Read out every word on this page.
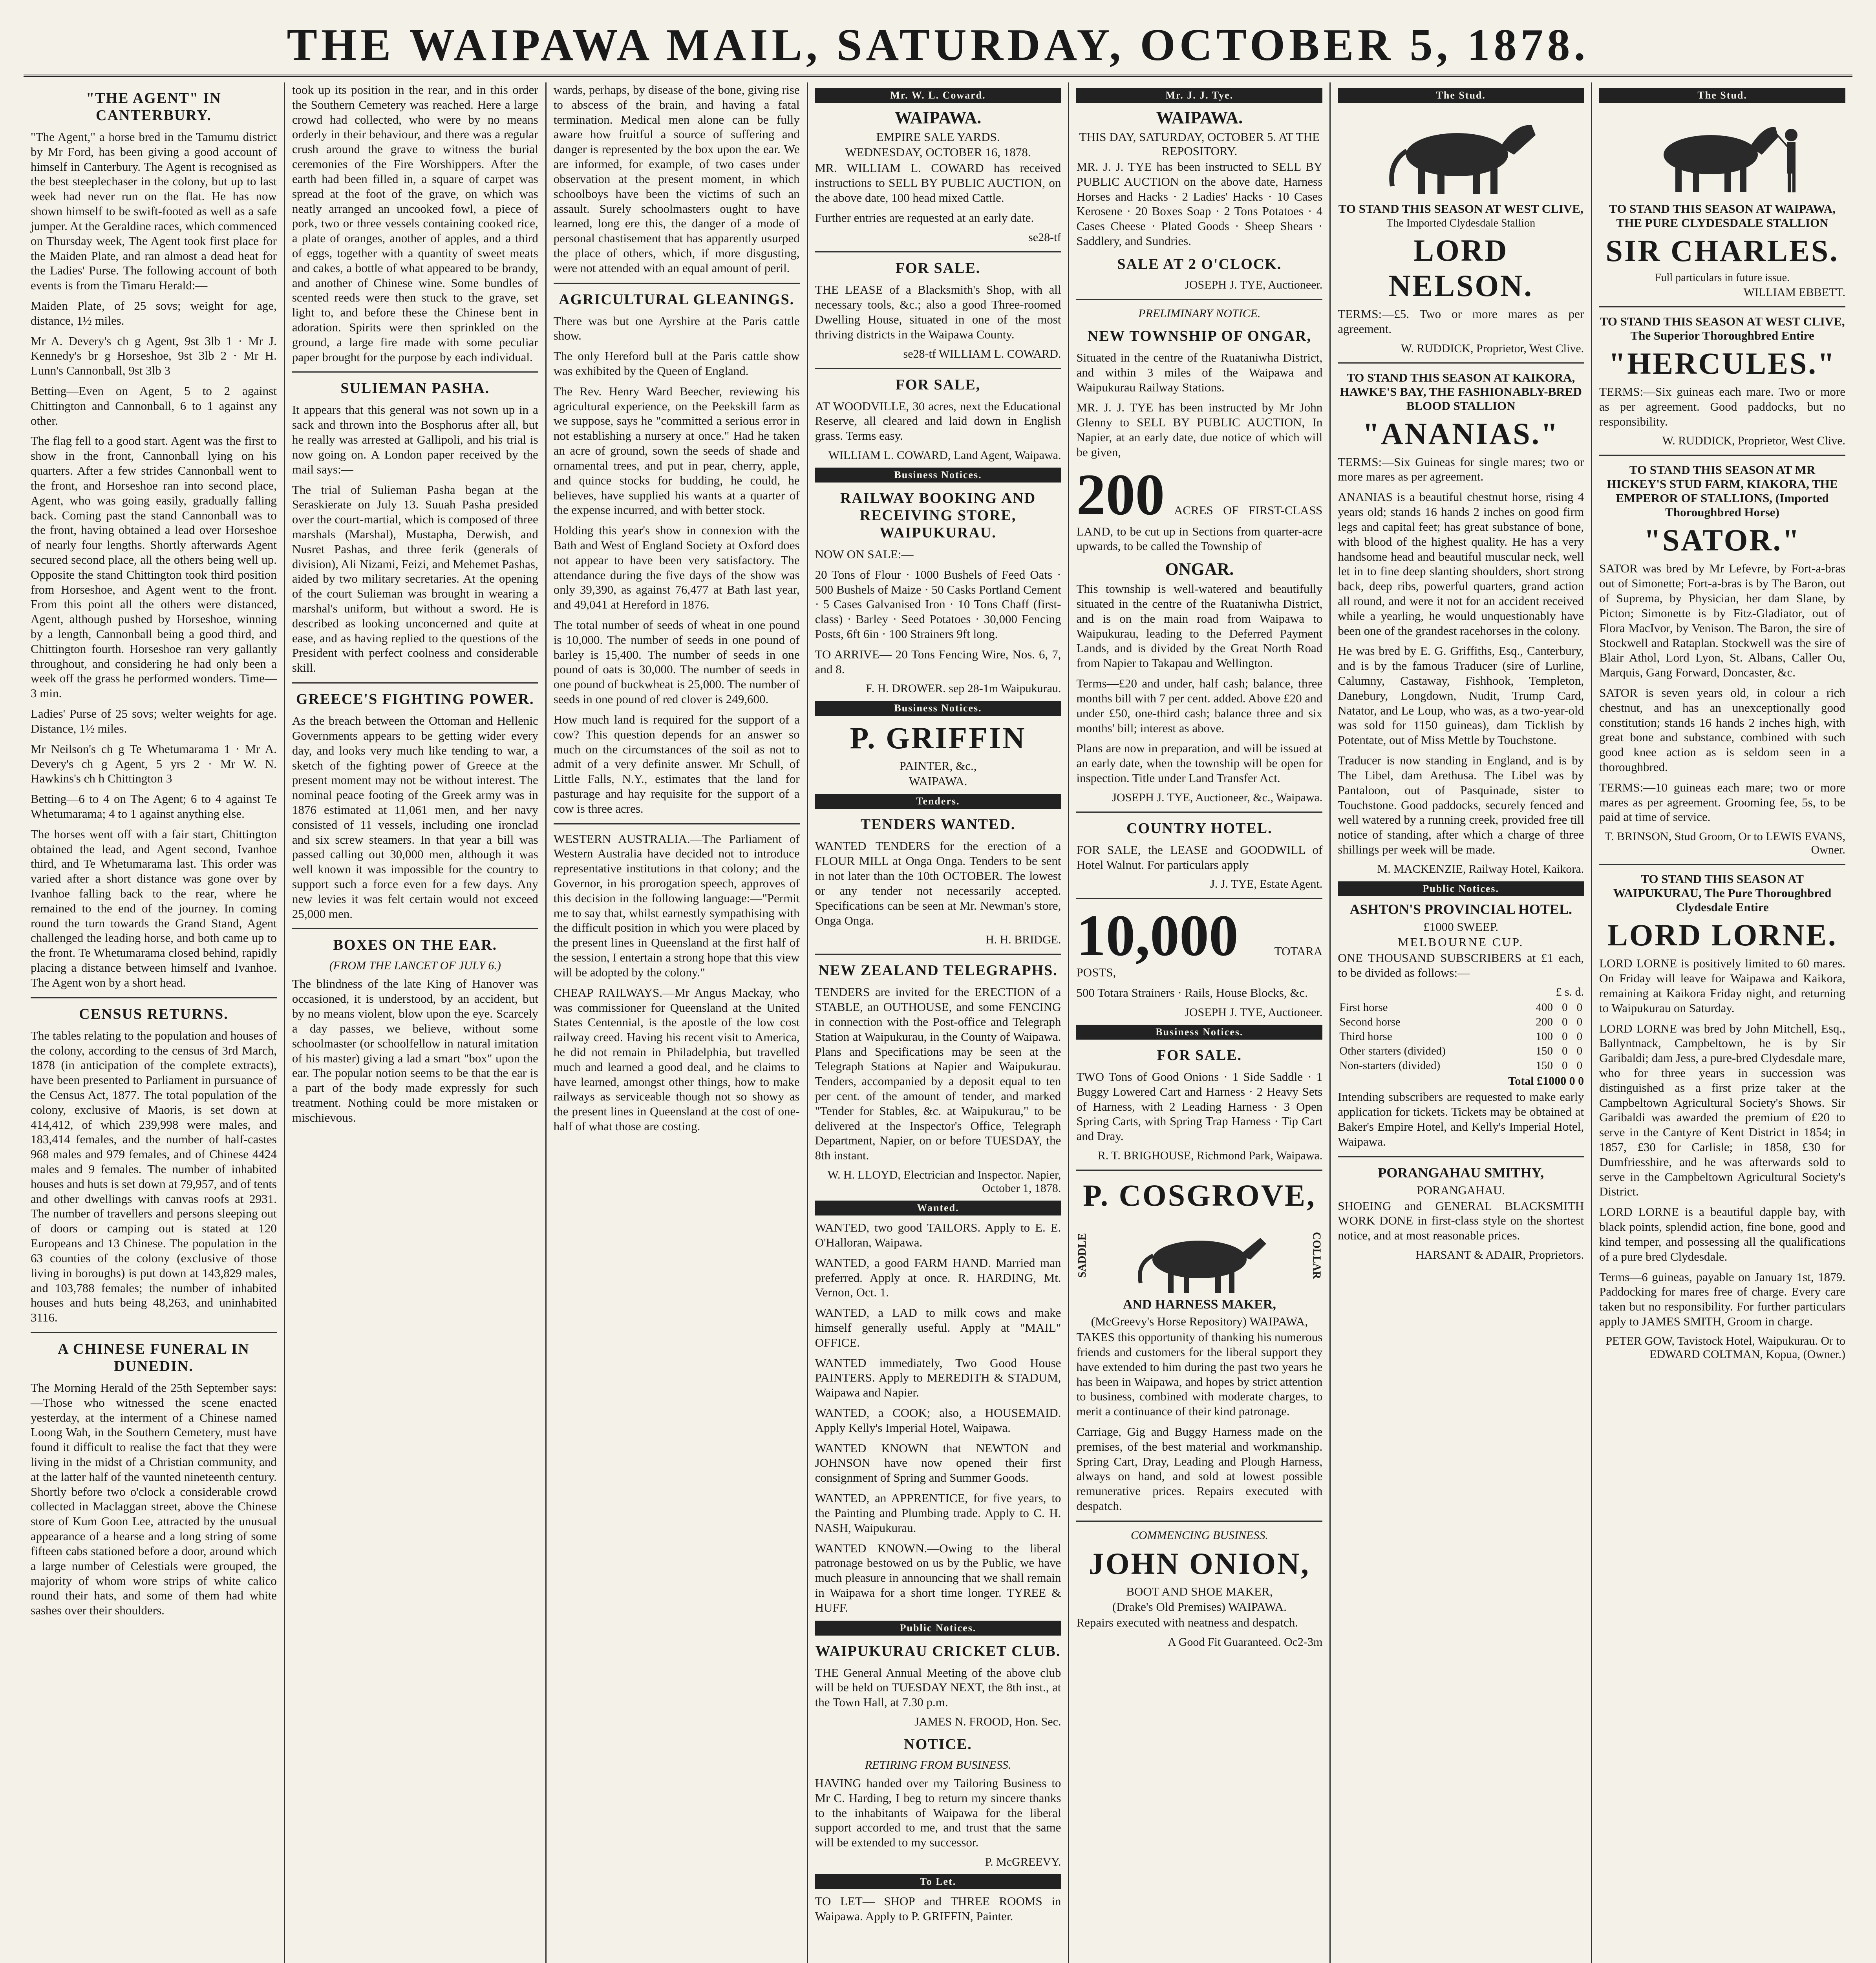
THE WAIPAWA MAIL, SATURDAY, OCTOBER 5, 1878.
"THE AGENT" IN CANTERBURY.

"The Agent," a horse bred in the Tamumu district by Mr Ford, has been giving a good account of himself in Canterbury. The Agent is recognised as the best steeplechaser in the colony, but up to last week had never run on the flat. He has now shown himself to be swift-footed as well as a safe jumper. At the Geraldine races, which commenced on Thursday week, The Agent took first place for the Maiden Plate, and ran almost a dead heat for the Ladies' Purse. The following account of both events is from the Timaru Herald:—

Maiden Plate, of 25 sovs; weight for age, distance, 1½ miles.

Mr A. Devery's ch g Agent, 9st 3lb 1 · Mr J. Kennedy's br g Horseshoe, 9st 3lb 2 · Mr H. Lunn's Cannonball, 9st 3lb 3

Betting—Even on Agent, 5 to 2 against Chittington and Cannonball, 6 to 1 against any other.

The flag fell to a good start. Agent was the first to show in the front, Cannonball lying on his quarters. After a few strides Cannonball went to the front, and Horseshoe ran into second place, Agent, who was going easily, gradually falling back. Coming past the stand Cannonball was to the front, having obtained a lead over Horseshoe of nearly four lengths. Shortly afterwards Agent secured second place, all the others being well up. Opposite the stand Chittington took third position from Horseshoe, and Agent went to the front. From this point all the others were distanced, Agent, although pushed by Horseshoe, winning by a length, Cannonball being a good third, and Chittington fourth. Horseshoe ran very gallantly throughout, and considering he had only been a week off the grass he performed wonders. Time—3 min.

Ladies' Purse of 25 sovs; welter weights for age. Distance, 1½ miles.

Mr Neilson's ch g Te Whetumarama 1 · Mr A. Devery's ch g Agent, 5 yrs 2 · Mr W. N. Hawkins's ch h Chittington 3

Betting—6 to 4 on The Agent; 6 to 4 against Te Whetumarama; 4 to 1 against anything else.

The horses went off with a fair start, Chittington obtained the lead, and Agent second, Ivanhoe third, and Te Whetumarama last. This order was varied after a short distance was gone over by Ivanhoe falling back to the rear, where he remained to the end of the journey. In coming round the turn towards the Grand Stand, Agent challenged the leading horse, and both came up to the front. Te Whetumarama closed behind, rapidly placing a distance between himself and Ivanhoe. The Agent won by a short head.

CENSUS RETURNS.

The tables relating to the population and houses of the colony, according to the census of 3rd March, 1878 (in anticipation of the complete extracts), have been presented to Parliament in pursuance of the Census Act, 1877. The total population of the colony, exclusive of Maoris, is set down at 414,412, of which 239,998 were males, and 183,414 females, and the number of half-castes 968 males and 979 females, and of Chinese 4424 males and 9 females. The number of inhabited houses and huts is set down at 79,957, and of tents and other dwellings with canvas roofs at 2931. The number of travellers and persons sleeping out of doors or camping out is stated at 120 Europeans and 13 Chinese. The population in the 63 counties of the colony (exclusive of those living in boroughs) is put down at 143,829 males, and 103,788 females; the number of inhabited houses and huts being 48,263, and uninhabited 3116.

A CHINESE FUNERAL IN DUNEDIN.

The Morning Herald of the 25th September says:—Those who witnessed the scene enacted yesterday, at the interment of a Chinese named Loong Wah, in the Southern Cemetery, must have found it difficult to realise the fact that they were living in the midst of a Christian community, and at the latter half of the vaunted nineteenth century. Shortly before two o'clock a considerable crowd collected in Maclaggan street, above the Chinese store of Kum Goon Lee, attracted by the unusual appearance of a hearse and a long string of some fifteen cabs stationed before a door, around which a large number of Celestials were grouped, the majority of whom wore strips of white calico round their hats, and some of them had white sashes over their shoulders.

took up its position in the rear, and in this order the Southern Cemetery was reached. Here a large crowd had collected, who were by no means orderly in their behaviour, and there was a regular crush around the grave to witness the burial ceremonies of the Fire Worshippers. After the earth had been filled in, a square of carpet was spread at the foot of the grave, on which was neatly arranged an uncooked fowl, a piece of pork, two or three vessels containing cooked rice, a plate of oranges, another of apples, and a third of eggs, together with a quantity of sweet meats and cakes, a bottle of what appeared to be brandy, and another of Chinese wine. Some bundles of scented reeds were then stuck to the grave, set light to, and before these the Chinese bent in adoration. Spirits were then sprinkled on the ground, a large fire made with some peculiar paper brought for the purpose by each individual.

SULIEMAN PASHA.

It appears that this general was not sown up in a sack and thrown into the Bosphorus after all, but he really was arrested at Gallipoli, and his trial is now going on. A London paper received by the mail says:—

The trial of Sulieman Pasha began at the Seraskierate on July 13. Suuah Pasha presided over the court-martial, which is composed of three marshals (Marshal), Mustapha, Derwish, and Nusret Pashas, and three ferik (generals of division), Ali Nizami, Feizi, and Mehemet Pashas, aided by two military secretaries. At the opening of the court Sulieman was brought in wearing a marshal's uniform, but without a sword. He is described as looking unconcerned and quite at ease, and as having replied to the questions of the President with perfect coolness and considerable skill.

GREECE'S FIGHTING POWER.

As the breach between the Ottoman and Hellenic Governments appears to be getting wider every day, and looks very much like tending to war, a sketch of the fighting power of Greece at the present moment may not be without interest. The nominal peace footing of the Greek army was in 1876 estimated at 11,061 men, and her navy consisted of 11 vessels, including one ironclad and six screw steamers. In that year a bill was passed calling out 30,000 men, although it was well known it was impossible for the country to support such a force even for a few days. Any new levies it was felt certain would not exceed 25,000 men.

BOXES ON THE EAR.
(FROM THE LANCET OF JULY 6.)

The blindness of the late King of Hanover was occasioned, it is understood, by an accident, but by no means violent, blow upon the eye. Scarcely a day passes, we believe, without some schoolmaster (or schoolfellow in natural imitation of his master) giving a lad a smart "box" upon the ear. The popular notion seems to be that the ear is a part of the body made expressly for such treatment. Nothing could be more mistaken or mischievous.

wards, perhaps, by disease of the bone, giving rise to abscess of the brain, and having a fatal termination. Medical men alone can be fully aware how fruitful a source of suffering and danger is represented by the box upon the ear. We are informed, for example, of two cases under observation at the present moment, in which schoolboys have been the victims of such an assault. Surely schoolmasters ought to have learned, long ere this, the danger of a mode of personal chastisement that has apparently usurped the place of others, which, if more disgusting, were not attended with an equal amount of peril.

AGRICULTURAL GLEANINGS.

There was but one Ayrshire at the Paris cattle show.

The only Hereford bull at the Paris cattle show was exhibited by the Queen of England.

The Rev. Henry Ward Beecher, reviewing his agricultural experience, on the Peekskill farm as we suppose, says he "committed a serious error in not establishing a nursery at once." Had he taken an acre of ground, sown the seeds of shade and ornamental trees, and put in pear, cherry, apple, and quince stocks for budding, he could, he believes, have supplied his wants at a quarter of the expense incurred, and with better stock.

Holding this year's show in connexion with the Bath and West of England Society at Oxford does not appear to have been very satisfactory. The attendance during the five days of the show was only 39,390, as against 76,477 at Bath last year, and 49,041 at Hereford in 1876.

The total number of seeds of wheat in one pound is 10,000. The number of seeds in one pound of barley is 15,400. The number of seeds in one pound of oats is 30,000. The number of seeds in one pound of buckwheat is 25,000. The number of seeds in one pound of red clover is 249,600.

How much land is required for the support of a cow? This question depends for an answer so much on the circumstances of the soil as not to admit of a very definite answer. Mr Schull, of Little Falls, N.Y., estimates that the land for pasturage and hay requisite for the support of a cow is three acres.

WESTERN AUSTRALIA.—The Parliament of Western Australia have decided not to introduce representative institutions in that colony; and the Governor, in his prorogation speech, approves of this decision in the following language:—"Permit me to say that, whilst earnestly sympathising with the difficult position in which you were placed by the present lines in Queensland at the first half of the session, I entertain a strong hope that this view will be adopted by the colony."

CHEAP RAILWAYS.—Mr Angus Mackay, who was commissioner for Queensland at the United States Centennial, is the apostle of the low cost railway creed. Having his recent visit to America, he did not remain in Philadelphia, but travelled much and learned a good deal, and he claims to have learned, amongst other things, how to make railways as serviceable though not so showy as the present lines in Queensland at the cost of one-half of what those are costing.

Mr. W. L. Coward.
WAIPAWA.
EMPIRE SALE YARDS.
WEDNESDAY, OCTOBER 16, 1878.

MR. WILLIAM L. COWARD has received instructions to SELL BY PUBLIC AUCTION, on the above date, 100 head mixed Cattle.

Further entries are requested at an early date.

se28-tf
FOR SALE.

THE LEASE of a Blacksmith's Shop, with all necessary tools, &c.; also a good Three-roomed Dwelling House, situated in one of the most thriving districts in the Waipawa County.

se28-tf WILLIAM L. COWARD.
FOR SALE,

AT WOODVILLE, 30 acres, next the Educational Reserve, all cleared and laid down in English grass. Terms easy.

WILLIAM L. COWARD, Land Agent, Waipawa.
Business Notices.
RAILWAY BOOKING AND RECEIVING STORE, WAIPUKURAU.

NOW ON SALE:—

20 Tons of Flour · 1000 Bushels of Feed Oats · 500 Bushels of Maize · 50 Casks Portland Cement · 5 Cases Galvanised Iron · 10 Tons Chaff (first-class) · Barley · Seed Potatoes · 30,000 Fencing Posts, 6ft 6in · 100 Strainers 9ft long.

TO ARRIVE— 20 Tons Fencing Wire, Nos. 6, 7, and 8.

F. H. DROWER. sep 28-1m Waipukurau.
Business Notices.
P. GRIFFIN
PAINTER, &c.,
WAIPAWA.
Tenders.
TENDERS WANTED.

WANTED TENDERS for the erection of a FLOUR MILL at Onga Onga. Tenders to be sent in not later than the 10th OCTOBER. The lowest or any tender not necessarily accepted. Specifications can be seen at Mr. Newman's store, Onga Onga.

H. H. BRIDGE.
NEW ZEALAND TELEGRAPHS.

TENDERS are invited for the ERECTION of a STABLE, an OUTHOUSE, and some FENCING in connection with the Post-office and Telegraph Station at Waipukurau, in the County of Waipawa. Plans and Specifications may be seen at the Telegraph Stations at Napier and Waipukurau. Tenders, accompanied by a deposit equal to ten per cent. of the amount of tender, and marked "Tender for Stables, &c. at Waipukurau," to be delivered at the Inspector's Office, Telegraph Department, Napier, on or before TUESDAY, the 8th instant.

W. H. LLOYD, Electrician and Inspector. Napier, October 1, 1878.
Wanted.

WANTED, two good TAILORS. Apply to E. E. O'Halloran, Waipawa.

WANTED, a good FARM HAND. Married man preferred. Apply at once. R. HARDING, Mt. Vernon, Oct. 1.

WANTED, a LAD to milk cows and make himself generally useful. Apply at "MAIL" OFFICE.

WANTED immediately, Two Good House PAINTERS. Apply to MEREDITH & STADUM, Waipawa and Napier.

WANTED, a COOK; also, a HOUSEMAID. Apply Kelly's Imperial Hotel, Waipawa.

WANTED KNOWN that NEWTON and JOHNSON have now opened their first consignment of Spring and Summer Goods.

WANTED, an APPRENTICE, for five years, to the Painting and Plumbing trade. Apply to C. H. NASH, Waipukurau.

WANTED KNOWN.—Owing to the liberal patronage bestowed on us by the Public, we have much pleasure in announcing that we shall remain in Waipawa for a short time longer. TYREE & HUFF.

Public Notices.
WAIPUKURAU CRICKET CLUB.

THE General Annual Meeting of the above club will be held on TUESDAY NEXT, the 8th inst., at the Town Hall, at 7.30 p.m.

JAMES N. FROOD, Hon. Sec.
NOTICE.
RETIRING FROM BUSINESS.

HAVING handed over my Tailoring Business to Mr C. Harding, I beg to return my sincere thanks to the inhabitants of Waipawa for the liberal support accorded to me, and trust that the same will be extended to my successor.

P. McGREEVY.
To Let.

TO LET— SHOP and THREE ROOMS in Waipawa. Apply to P. GRIFFIN, Painter.

Mr. J. J. Tye.
WAIPAWA.
THIS DAY, SATURDAY, OCTOBER 5. AT THE REPOSITORY.

MR. J. J. TYE has been instructed to SELL BY PUBLIC AUCTION on the above date, Harness Horses and Hacks · 2 Ladies' Hacks · 10 Cases Kerosene · 20 Boxes Soap · 2 Tons Potatoes · 4 Cases Cheese · Plated Goods · Sheep Shears · Saddlery, and Sundries.

SALE AT 2 O'CLOCK.
JOSEPH J. TYE, Auctioneer.
PRELIMINARY NOTICE.
NEW TOWNSHIP OF ONGAR,

Situated in the centre of the Ruataniwha District, and within 3 miles of the Waipawa and Waipukurau Railway Stations.

MR. J. J. TYE has been instructed by Mr John Glenny to SELL BY PUBLIC AUCTION, In Napier, at an early date, due notice of which will be given,

200 ACRES OF FIRST-CLASS LAND, to be cut up in Sections from quarter-acre upwards, to be called the Township of

ONGAR.

This township is well-watered and beautifully situated in the centre of the Ruataniwha District, and is on the main road from Waipawa to Waipukurau, leading to the Deferred Payment Lands, and is divided by the Great North Road from Napier to Takapau and Wellington.

Terms—£20 and under, half cash; balance, three months bill with 7 per cent. added. Above £20 and under £50, one-third cash; balance three and six months' bill; interest as above.

Plans are now in preparation, and will be issued at an early date, when the township will be open for inspection. Title under Land Transfer Act.

JOSEPH J. TYE, Auctioneer, &c., Waipawa.
COUNTRY HOTEL.

FOR SALE, the LEASE and GOODWILL of Hotel Walnut. For particulars apply

J. J. TYE, Estate Agent.

10,000	TOTARA POSTS,

500 Totara Strainers · Rails, House Blocks, &c.

JOSEPH J. TYE, Auctioneer.
Business Notices.
FOR SALE.

TWO Tons of Good Onions · 1 Side Saddle · 1 Buggy Lowered Cart and Harness · 2 Heavy Sets of Harness, with 2 Leading Harness · 3 Open Spring Carts, with Spring Trap Harness · Tip Cart and Dray.

R. T. BRIGHOUSE, Richmond Park, Waipawa.
P. COSGROVE,
SADDLE	COLLAR
AND HARNESS MAKER,
(McGreevy's Horse Repository) WAIPAWA,

TAKES this opportunity of thanking his numerous friends and customers for the liberal support they have extended to him during the past two years he has been in Waipawa, and hopes by strict attention to business, combined with moderate charges, to merit a continuance of their kind patronage.

Carriage, Gig and Buggy Harness made on the premises, of the best material and workmanship. Spring Cart, Dray, Leading and Plough Harness, always on hand, and sold at lowest possible remunerative prices. Repairs executed with despatch.

COMMENCING BUSINESS.
JOHN ONION,
BOOT AND SHOE MAKER,
(Drake's Old Premises) WAIPAWA.

Repairs executed with neatness and despatch.

A Good Fit Guaranteed. Oc2-3m
The Stud.
TO STAND THIS SEASON AT WEST CLIVE,
The Imported Clydesdale Stallion
LORD NELSON.

TERMS:—£5. Two or more mares as per agreement.

W. RUDDICK, Proprietor, West Clive.
TO STAND THIS SEASON AT KAIKORA, HAWKE'S BAY, THE FASHIONABLY-BRED BLOOD STALLION
"ANANIAS."

TERMS:—Six Guineas for single mares; two or more mares as per agreement.

ANANIAS is a beautiful chestnut horse, rising 4 years old; stands 16 hands 2 inches on good firm legs and capital feet; has great substance of bone, with blood of the highest quality. He has a very handsome head and beautiful muscular neck, well let in to fine deep slanting shoulders, short strong back, deep ribs, powerful quarters, grand action all round, and were it not for an accident received while a yearling, he would unquestionably have been one of the grandest racehorses in the colony.

He was bred by E. G. Griffiths, Esq., Canterbury, and is by the famous Traducer (sire of Lurline, Calumny, Castaway, Fishhook, Templeton, Danebury, Longdown, Nudit, Trump Card, Natator, and Le Loup, who was, as a two-year-old was sold for 1150 guineas), dam Ticklish by Potentate, out of Miss Mettle by Touchstone.

Traducer is now standing in England, and is by The Libel, dam Arethusa. The Libel was by Pantaloon, out of Pasquinade, sister to Touchstone. Good paddocks, securely fenced and well watered by a running creek, provided free till notice of standing, after which a charge of three shillings per week will be made.

M. MACKENZIE, Railway Hotel, Kaikora.
Public Notices.
ASHTON'S PROVINCIAL HOTEL.
£1000 SWEEP.
MELBOURNE CUP.

ONE THOUSAND SUBSCRIBERS at £1 each, to be divided as follows:—

£ s. d.
First horse	400	0	0
Second horse	200	0	0
Third horse	100	0	0
Other starters (divided)	150	0	0
Non-starters (divided)	150	0	0
Total £1000 0 0

Intending subscribers are requested to make early application for tickets. Tickets may be obtained at Baker's Empire Hotel, and Kelly's Imperial Hotel, Waipawa.

PORANGAHAU SMITHY,
PORANGAHAU.

SHOEING and GENERAL BLACKSMITH WORK DONE in first-class style on the shortest notice, and at most reasonable prices.

HARSANT & ADAIR, Proprietors.
The Stud.
TO STAND THIS SEASON AT WAIPAWA, THE PURE CLYDESDALE STALLION
SIR CHARLES.
Full particulars in future issue.
WILLIAM EBBETT.
TO STAND THIS SEASON AT WEST CLIVE, The Superior Thoroughbred Entire
"HERCULES."

TERMS:—Six guineas each mare. Two or more as per agreement. Good paddocks, but no responsibility.

W. RUDDICK, Proprietor, West Clive.
TO STAND THIS SEASON AT MR HICKEY'S STUD FARM, KIAKORA, THE EMPEROR OF STALLIONS, (Imported Thoroughbred Horse)
"SATOR."

SATOR was bred by Mr Lefevre, by Fort-a-bras out of Simonette; Fort-a-bras is by The Baron, out of Suprema, by Physician, her dam Slane, by Picton; Simonette is by Fitz-Gladiator, out of Flora MacIvor, by Venison. The Baron, the sire of Stockwell and Rataplan. Stockwell was the sire of Blair Athol, Lord Lyon, St. Albans, Caller Ou, Marquis, Gang Forward, Doncaster, &c.

SATOR is seven years old, in colour a rich chestnut, and has an unexceptionally good constitution; stands 16 hands 2 inches high, with great bone and substance, combined with such good knee action as is seldom seen in a thoroughbred.

TERMS:—10 guineas each mare; two or more mares as per agreement. Grooming fee, 5s, to be paid at time of service.

T. BRINSON, Stud Groom, Or to LEWIS EVANS, Owner.
TO STAND THIS SEASON AT WAIPUKURAU, The Pure Thoroughbred Clydesdale Entire
LORD LORNE.

LORD LORNE is positively limited to 60 mares. On Friday will leave for Waipawa and Kaikora, remaining at Kaikora Friday night, and returning to Waipukurau on Saturday.

LORD LORNE was bred by John Mitchell, Esq., Ballyntnack, Campbeltown, he is by Sir Garibaldi; dam Jess, a pure-bred Clydesdale mare, who for three years in succession was distinguished as a first prize taker at the Campbeltown Agricultural Society's Shows. Sir Garibaldi was awarded the premium of £20 to serve in the Cantyre of Kent District in 1854; in 1857, £30 for Carlisle; in 1858, £30 for Dumfriesshire, and he was afterwards sold to serve in the Campbeltown Agricultural Society's District.

LORD LORNE is a beautiful dapple bay, with black points, splendid action, fine bone, good and kind temper, and possessing all the qualifications of a pure bred Clydesdale.

Terms—6 guineas, payable on January 1st, 1879. Paddocking for mares free of charge. Every care taken but no responsibility. For further particulars apply to JAMES SMITH, Groom in charge.

PETER GOW, Tavistock Hotel, Waipukurau. Or to EDWARD COLTMAN, Kopua, (Owner.)
